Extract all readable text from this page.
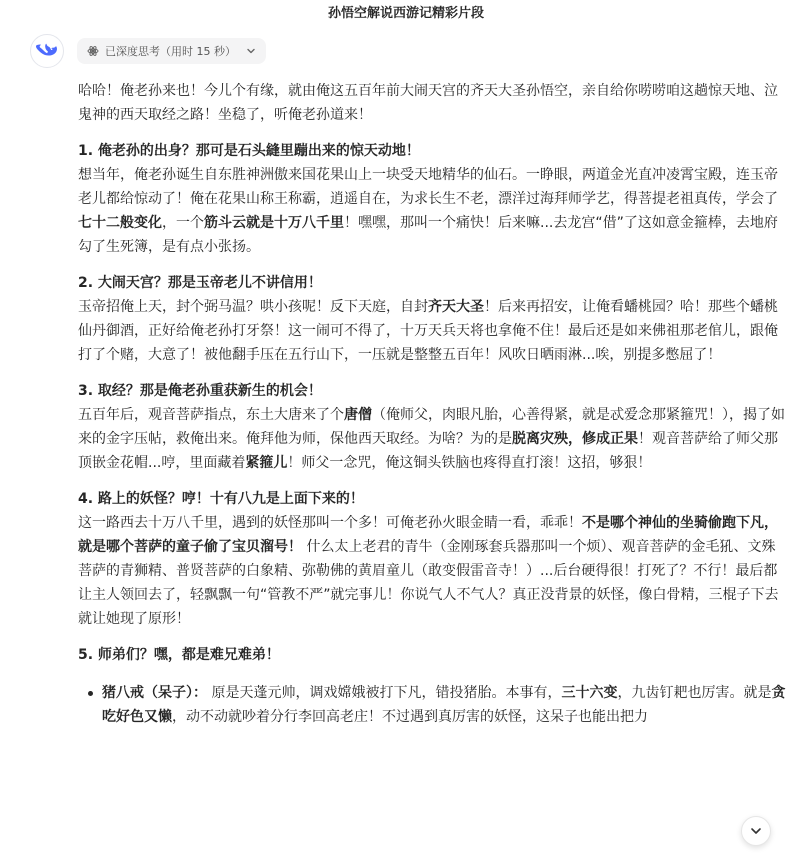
孙悟空解说西游记精彩片段
已深度思考（用时 15 秒）

哈哈！俺老孙来也！今儿个有缘，就由俺这五百年前大闹天宫的齐天大圣孙悟空，亲自给你唠唠咱这趟惊天地、泣鬼神的西天取经之路！坐稳了，听俺老孙道来！

1. 俺老孙的出身？那可是石头縫里蹦出来的惊天动地！

想当年，俺老孙诞生自东胜神洲傲来国花果山上一块受天地精华的仙石。一睁眼，两道金光直冲凌霄宝殿，连玉帝老儿都给惊动了！俺在花果山称王称霸，逍遥自在，为求长生不老，漂洋过海拜师学艺，得菩提老祖真传，学会了七十二般变化，一个筋斗云就是十万八千里！嘿嘿，那叫一个痛快！后来嘛...去龙宫“借”了这如意金箍棒，去地府勾了生死簿，是有点小张扬。

2. 大闹天宫？那是玉帝老儿不讲信用！

玉帝招俺上天，封个弼马温？哄小孩呢！反下天庭，自封齐天大圣！后来再招安，让俺看蟠桃园？哈！那些个蟠桃仙丹御酒，正好给俺老孙打牙祭！这一闹可不得了，十万天兵天将也拿俺不住！最后还是如来佛祖那老倌儿，跟俺打了个赌，大意了！被他翻手压在五行山下，一压就是整整五百年！风吹日晒雨淋...唉，别提多憋屈了！

3. 取经？那是俺老孙重获新生的机会！

五百年后，观音菩萨指点，东土大唐来了个唐僧（俺师父，肉眼凡胎，心善得紧，就是忒爱念那紧箍咒！），揭了如来的金字压帖，救俺出来。俺拜他为师，保他西天取经。为啥？为的是脱离灾殃，修成正果！观音菩萨给了师父那顶嵌金花帽...哼，里面藏着紧箍儿！师父一念咒，俺这铜头铁脑也疼得直打滚！这招，够狠！

4. 路上的妖怪？哼！十有八九是上面下来的！

这一路西去十万八千里，遇到的妖怪那叫一个多！可俺老孙火眼金睛一看，乖乖！不是哪个神仙的坐骑偷跑下凡，就是哪个菩萨的童子偷了宝贝溜号！ 什么太上老君的青牛（金刚琢套兵器那叫一个烦）、观音菩萨的金毛犼、文殊菩萨的青狮精、普贤菩萨的白象精、弥勒佛的黄眉童儿（敢变假雷音寺！）...后台硬得很！打死了？不行！最后都让主人领回去了，轻飘飘一句“管教不严”就完事儿！你说气人不气人？真正没背景的妖怪，像白骨精，三棍子下去就让她现了原形！

5. 师弟们？嘿，都是难兄难弟！

猪八戒（呆子）： 原是天蓬元帅，调戏嫦娥被打下凡，错投猪胎。本事有，三十六变，九齿钉耙也厉害。就是贪吃好色又懒，动不动就吵着分行李回高老庄！不过遇到真厉害的妖怪，这呆子也能出把力
